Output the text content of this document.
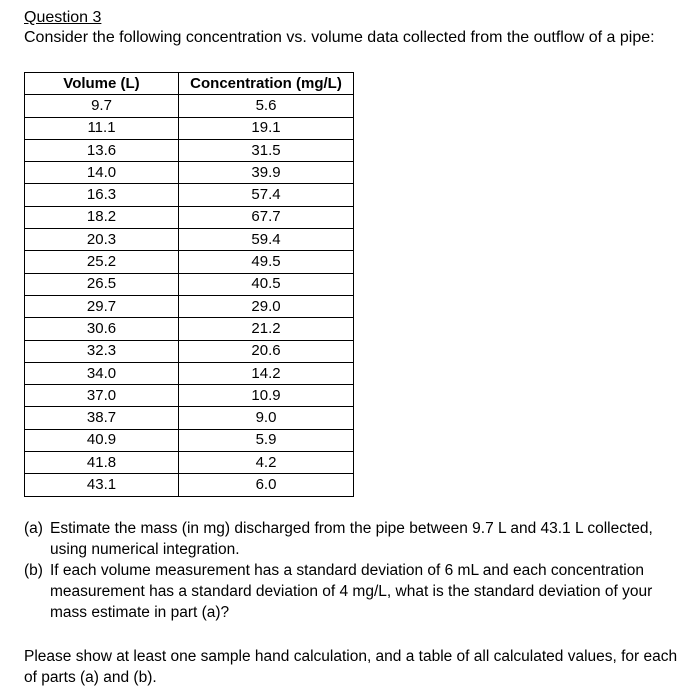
Question 3

Consider the following concentration vs. volume data collected from the outflow of a pipe:

Volume (L)	Concentration (mg/L)
9.7	5.6
11.1	19.1
13.6	31.5
14.0	39.9
16.3	57.4
18.2	67.7
20.3	59.4
25.2	49.5
26.5	40.5
29.7	29.0
30.6	21.2
32.3	20.6
34.0	14.2
37.0	10.9
38.7	9.0
40.9	5.9
41.8	4.2
43.1	6.0
(a) Estimate the mass (in mg) discharged from the pipe between 9.7 L and 43.1 L collected, using numerical integration.
(b) If each volume measurement has a standard deviation of 6 mL and each concentration measurement has a standard deviation of 4 mg/L, what is the standard deviation of your mass estimate in part (a)?

Please show at least one sample hand calculation, and a table of all calculated values, for each of parts (a) and (b).
